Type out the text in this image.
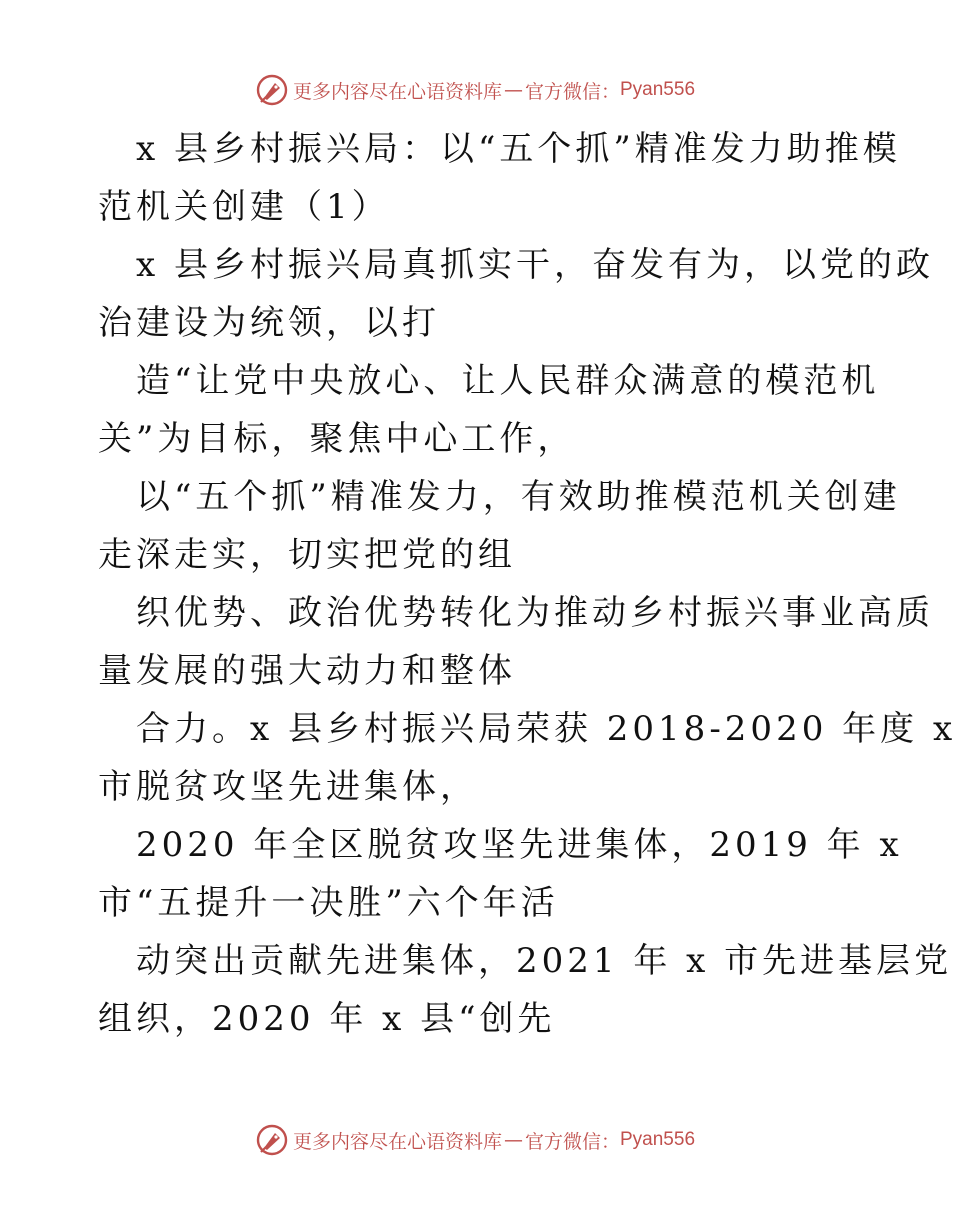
更多内容尽在心语资料库 — 官方微信： Pyan556
x 县乡村振兴局：以“五个抓”精准发力助推模
范机关创建（1）
x 县乡村振兴局真抓实干，奋发有为，以党的政
治建设为统领，以打
造“让党中央放心、让人民群众满意的模范机
关”为目标，聚焦中心工作，
以“五个抓”精准发力，有效助推模范机关创建
走深走实，切实把党的组
织优势、政治优势转化为推动乡村振兴事业高质
量发展的强大动力和整体
合力。x 县乡村振兴局荣获 2018-2020 年度 x
市脱贫攻坚先进集体，
2020 年全区脱贫攻坚先进集体，2019 年 x
市“五提升一决胜”六个年活
动突出贡献先进集体，2021 年 x 市先进基层党
组织，2020 年 x 县“创先
更多内容尽在心语资料库 — 官方微信： Pyan556
